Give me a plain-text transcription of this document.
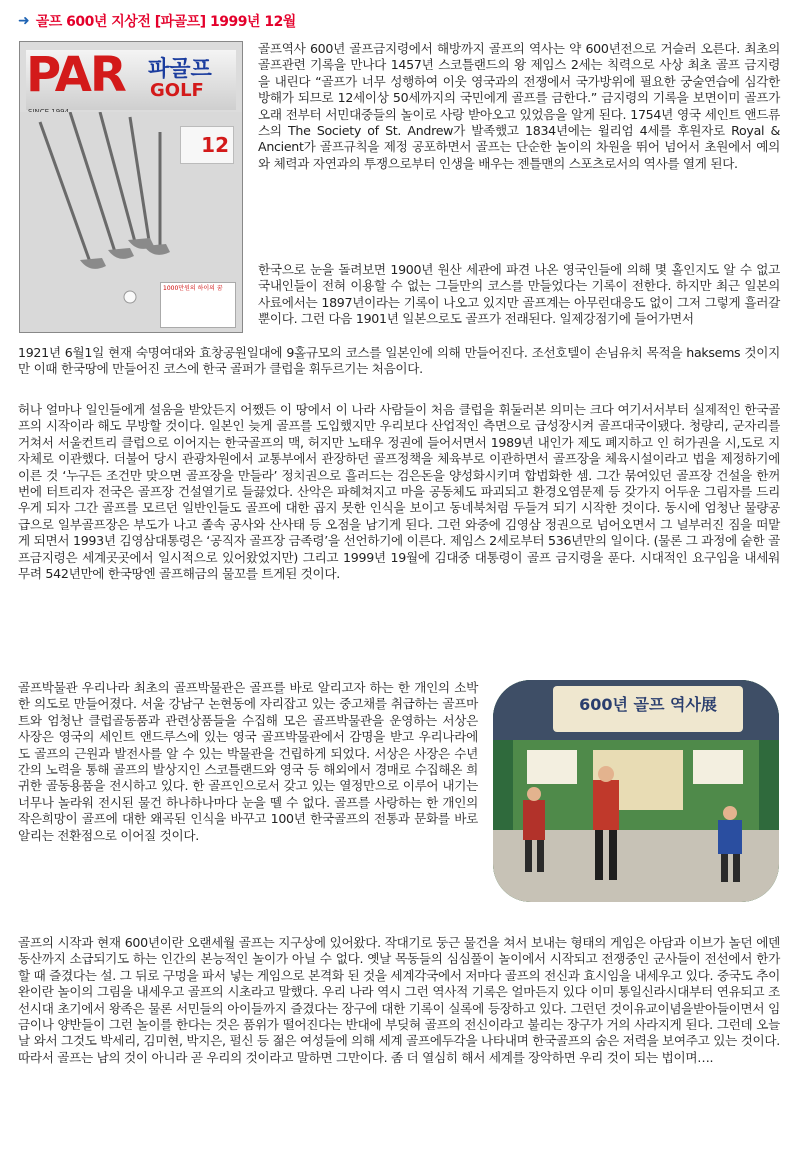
➜ 골프 600년 지상전 [파골프] 1999년 12월
PAR 파골프
GOLF
12
1000만원의 하이의 꿈
골프역사 600년 골프금지령에서 해방까지 골프의 역사는 약 600년전으로 거슬러 오른다. 최초의 골프관련 기록을 만나다 1457년 스코틀랜드의 왕 제임스 2세는 칙력으로 사상 최초 골프 금지령을 내린다 “골프가 너무 성행하여 이웃 영국과의 전쟁에서 국가방위에 필요한 궁술연습에 심각한 방해가 되므로 12세이상 50세까지의 국민에게 골프를 금한다.” 금지령의 기록을 보면이미 골프가 오래 전부터 서민대중들의 놀이로 사랑 받아오고 있었음을 알게 된다. 1754년 영국 세인트 앤드류스의 The Society of St. Andrew가 발족했고 1834년에는 윌리엄 4세를 후원자로 Royal & Ancient가 골프규칙을 제정 공포하면서 골프는 단순한 놀이의 차원을 뛰어 넘어서 초원에서 예의와 체력과 자연과의 투쟁으로부터 인생을 배우는 젠틀맨의 스포츠로서의 역사를 열게 된다.
한국으로 눈을 돌려보면 1900년 원산 세관에 파견 나온 영국인들에 의해 몇 홀인지도 알 수 없고 국내인들이 전혀 이용할 수 없는 그들만의 코스를 만들었다는 기록이 전한다. 하지만 최근 일본의 사료에서는 1897년이라는 기록이 나오고 있지만 골프계는 아무런대응도 없이 그저 그렇게 흘러갈 뿐이다. 그런 다음 1901년 일본으로도 골프가 전래된다. 일제강점기에 들어가면서
1921년 6월1일 현재 숙명여대와 효창공원일대에 9홀규모의 코스를 일본인에 의해 만들어진다. 조선호텔이 손님유치 목적을 haksems 것이지만 이때 한국땅에 만들어진 코스에 한국 골퍼가 클럽을 휘두르기는 처음이다.
허나 얼마나 일인들에게 설움을 받았든지 어쨌든 이 땅에서 이 나라 사람들이 처음 클럽을 휘둘러본 의미는 크다 여기서서부터 실제적인 한국골프의 시작이라 해도 무방할 것이다. 일본인 늦게 골프를 도입했지만 우리보다 산업적인 측면으로 급성장시켜 골프대국이됐다. 청량리, 군자리를 거쳐서 서울컨트리 클럽으로 이어지는 한국골프의 맥, 허지만 노태우 정권에 들어서면서 1989년 내인가 제도 폐지하고 인 허가권을 시,도로 지자체로 이관했다. 더불어 당시 관광차원에서 교통부에서 관장하던 골프정책을 체육부로 이관하면서 골프장을 체육시설이라고 법을 제정하기에 이른 것 ‘누구든 조건만 맞으면 골프장을 만들라’ 정치권으로 흘러드는 검은돈을 양성화시키며 합법화한 셈. 그간 묶여있던 골프장 건설을 한꺼번에 터트리자 전국은 골프장 건설열기로 들끓었다. 산악은 파헤쳐지고 마을 공동체도 파괴되고 환경오염문제 등 갖가지 어두운 그림자를 드리우게 되자 그간 골프를 모르던 일반인들도 골프에 대한 곱지 못한 인식을 보이고 동네북처럼 두들겨 되기 시작한 것이다. 동시에 엄청난 물량공급으로 일부골프장은 부도가 나고 졸속 공사와 산사태 등 오점을 남기게 된다. 그런 와중에 김영삼 정권으로 넘어오면서 그 널부러진 짐을 떠맡게 되면서 1993년 김영삼대통령은 ‘공직자 골프장 금족령’을 선언하기에 이른다. 제임스 2세로부터 536년만의 일이다. (물론 그 과정에 숱한 골프금지령은 세계곳곳에서 일시적으로 있어왔었지만) 그리고 1999년 19월에 김대중 대통령이 골프 금지령을 푼다. 시대적인 요구임을 내세워 무려 542년만에 한국땅엔 골프해금의 물꼬를 트게된 것이다.
골프박물관 우리나라 최초의 골프박물관은 골프를 바로 알리고자 하는 한 개인의 소박한 의도로 만들어졌다. 서울 강남구 논현동에 자리잡고 있는 중고채를 취급하는 골프마트와 엄청난 클럽골동품과 관련상품들을 수집해 모은 골프박물관을 운영하는 서상은 사장은 영국의 세인트 앤드루스에 있는 영국 골프박물관에서 감명을 받고 우리나라에도 골프의 근원과 발전사를 알 수 있는 박물관을 건립하게 되었다. 서상은 사장은 수년간의 노력을 통해 골프의 발상지인 스코틀랜드와 영국 등 해외에서 경매로 수집해온 희귀한 골동용품을 전시하고 있다. 한 골프인으로서 갖고 있는 열정만으로 이루어 내기는 너무나 놀라워 전시된 물건 하나하나마다 눈을 뗄 수 없다. 골프를 사랑하는 한 개인의 작은희망이 골프에 대한 왜곡된 인식을 바꾸고 100년 한국골프의 전통과 문화를 바로 알리는 전환점으로 이어질 것이다.
600년 골프 역사展
골프의 시작과 현재 600년이란 오랜세월 골프는 지구상에 있어왔다. 작대기로 둥근 물건을 쳐서 보내는 형태의 게임은 아담과 이브가 놀던 에덴동산까지 소급되기도 하는 인간의 본능적인 놀이가 아닐 수 없다. 옛날 목동들의 심심풀이 놀이에서 시작되고 전쟁중인 군사들이 전선에서 한가할 때 즐겼다는 설. 그 뒤로 구멍을 파서 넣는 게임으로 본격화 된 것을 세계각국에서 저마다 골프의 전신과 효시임을 내세우고 있다. 중국도 추이완이란 놀이의 그림을 내세우고 골프의 시초라고 말했다. 우리 나라 역시 그런 역사적 기록은 얼마든지 있다 이미 통일신라시대부터 연유되고 조선시대 초기에서 왕족은 물론 서민들의 아이들까지 즐겼다는 장구에 대한 기록이 실록에 등장하고 있다. 그런던 것이유교이념을받아들이면서 임금이나 양반들이 그런 놀이를 한다는 것은 품위가 떨어진다는 반대에 부딪혀 골프의 전신이라고 불리는 장구가 거의 사라지게 된다. 그런데 오늘날 와서 그것도 박세리, 김미현, 박지은, 펄신 등 젊은 여성들에 의해 세계 골프에두각을 나타내며 한국골프의 숨은 저력을 보여주고 있는 것이다. 따라서 골프는 남의 것이 아니라 곧 우리의 것이라고 말하면 그만이다. 좀 더 열심히 해서 세계를 장악하면 우리 것이 되는 법이며….
